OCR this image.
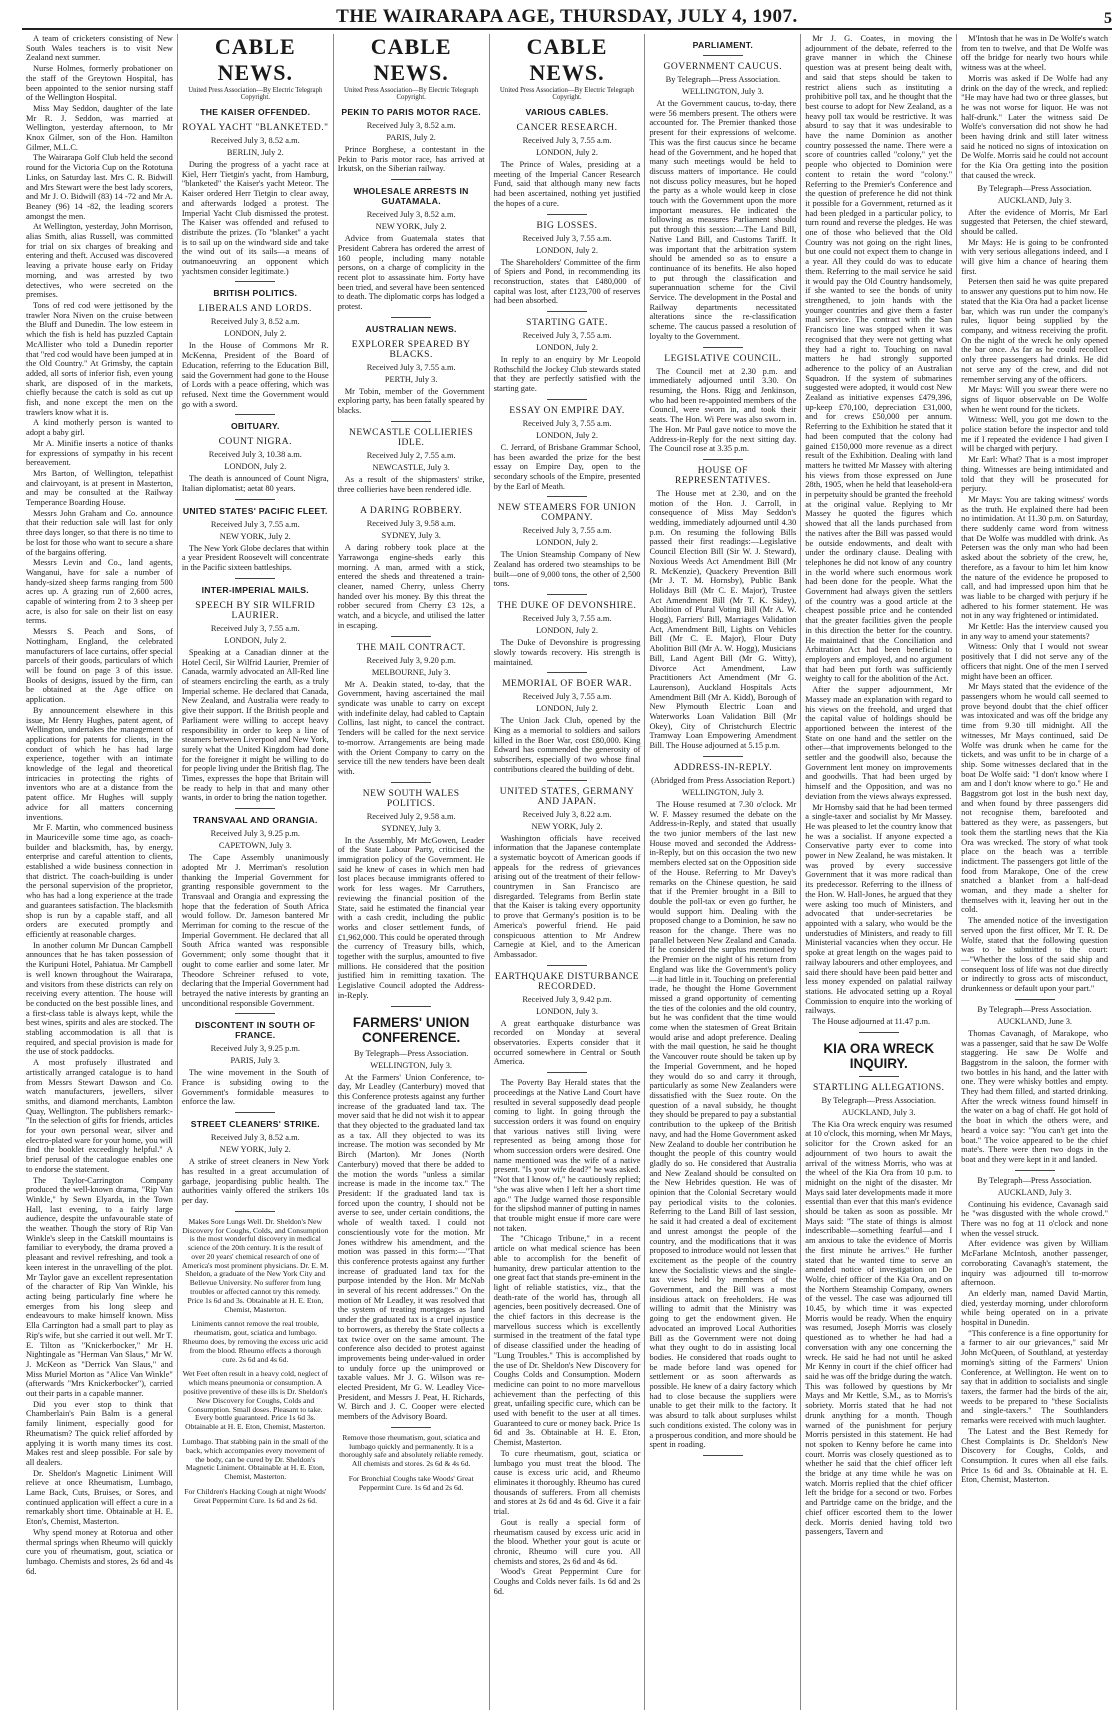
THE WAIRARAPA AGE, THURSDAY, JULY 4, 1907.	5

A team of cricketers consisting of New South Wales teachers is to visit New Zealand next summer.

Nurse Holmes, formerly probationer on the staff of the Greytown Hospital, has been appointed to the senior nursing staff of the Wellington Hospital.

Miss May Seddon, daughter of the late Mr R. J. Seddon, was married at Wellington, yesterday afternoon, to Mr Knox Gilmer, son of the Hon. Hamilton Gilmer, M.L.C.

The Wairarapa Golf Club held the second round for the Victoria Cup on the Rototuna Links, on Saturday last. Mrs C. R. Bidwill and Mrs Stewart were the best lady scorers, and Mr J. O. Bidwill (83) 14 -72 and Mr A. Beaney (96) 14 -82, the leading scorers amongst the men.

At Wellington, yesterday, John Morrison, alias Smith, alias Russell, was committed for trial on six charges of breaking and entering and theft. Accused was discovered leaving a private house early on Friday morning, and was arrested by two detectives, who were secreted on the premises.

Tons of red cod were jettisoned by the trawler Nora Niven on the cruise between the Bluff and Dunedin. The low esteem in which the fish is held has puzzled Captain McAllister who told a Dunedin reporter that "red cod would have been jumped at in the Old Country." At Grimsby, the captain added, all sorts of inferior fish, even young shark, are disposed of in the markets, chiefly because the catch is sold as cut up fish, and none except the men on the trawlers know what it is.

A kind motherly person is wanted to adopt a baby girl.

Mr A. Minifie inserts a notice of thanks for expressions of sympathy in his recent bereavement.

Mrs Barton, of Wellington, telepathist and clairvoyant, is at present in Masterton, and may be consulted at the Railway Temperance Boarding House.

Messrs John Graham and Co. announce that their reduction sale will last for only three days longer, so that there is no time to be lost for those who want to secure a share of the bargains offering.

Messrs Levin and Co., land agents, Wanganui, have for sale a number of handy-sized sheep farms ranging from 500 acres up. A grazing run of 2,600 acres, capable of wintering from 2 to 3 sheep per acre, is also for sale on their list on easy terms.

Messrs S. Peach and Sons, of Nottingham, England, the celebrated manufacturers of lace curtains, offer special parcels of their goods, particulars of which will be found on page 3 of this issue. Books of designs, issued by the firm, can be obtained at the Age office on application.

By announcement elsewhere in this issue, Mr Henry Hughes, patent agent, of Wellington, undertakes the management of applications for patents for clients, in the conduct of which he has had large experience, together with an intimate knowledge of the legal and theoretical intricacies in protecting the rights of inventors who are at a distance from the patent office. Mr Hughes will supply advice for all matters concerning inventions.

Mr F. Martin, who commenced business in Mauriceville some time ago, as coach-builder and blacksmith, has, by energy, enterprise and careful attention to clients, established a wide business connection in that district. The coach-building is under the personal supervision of the proprietor, who has had a long experience at the trade and guarantees satisfaction. The blacksmith shop is run by a capable staff, and all orders are executed promptly and efficiently at reasonable charges.

In another column Mr Duncan Campbell announces that he has taken possession of the Kuripuni Hotel, Pahiatua. Mr Campbell is well known throughout the Wairarapa, and visitors from these districts can rely on receiving every attention. The house will be conducted on the best possible lines, and a first-class table is always kept, while the best wines, spirits and ales are stocked. The stabling accommodation is all that is required, and special provision is made for the use of stock paddocks.

A most profusely illustrated and artistically arranged catalogue is to hand from Messrs Stewart Dawson and Co. watch manufacturers, jewellers, silver smiths, and diamond merchants, Lambton Quay, Wellington. The publishers remark:- "In the selection of gifts for friends, articles for your own personal wear, silver and electro-plated ware for your home, you will find the booklet exceedingly helpful." A brief perusal of the catalogue enables one to endorse the statement.

The Taylor-Carrington Company produced the well-known drama, "Rip Van Winkle," by Sewn Elyarda, in the Town Hall, last evening, to a fairly large audience, despite the unfavourable state of the weather. Though the story of Rip Van Winkle's sleep in the Catskill mountains is familiar to everybody, the drama proved a pleasant and revivel refreshing, and took a keen interest in the unravelling of the plot. Mr Taylor gave an excellent representation of the character of Rip Van Winkle, his acting being particularly fine where he emerges from his long sleep and endeavours to make himself known. Miss Ella Carrington had a small part to play as Rip's wife, but she carried it out well. Mr T. E. Tilton as "Knickerbocker," Mr H. Nightingale as "Herman Van Slaus," Mr W. J. McKeon as "Derrick Van Slaus," and Miss Muriel Morton as "Alice Van Winkle" (afterwards "Mrs Knickerbocker"), carried out their parts in a capable manner.

Did you ever stop to think that Chamberlain's Pain Balm is a general family liniment, especially good for Rheumatism? The quick relief afforded by applying it is worth many times its cost. Makes rest and sleep possible. For sale by all dealers.

Dr. Sheldon's Magnetic Liniment Will relieve at once Rheumatism, Lumbago, Lame Back, Cuts, Bruises, or Sores, and continued application will effect a cure in a remarkably short time. Obtainable at H. E. Eton's, Chemist, Masterton.

Why spend money at Rotorua and other thermal springs when Rheumo will quickly cure you of rheumatism, gout, sciatica or lumbago. Chemists and stores, 2s 6d and 4s 6d.

CABLE NEWS.
United Press Association—By Electric Telegraph Copyright.
THE KAISER OFFENDED.
ROYAL YACHT "BLANKETED."
Received July 3, 8.52 a.m.
BERLIN, July 2.

During the progress of a yacht race at Kiel, Herr Tietgin's yacht, from Hamburg, "blanketed" the Kaiser's yacht Meteor. The Kaiser ordered Herr Tietgin to clear away, and afterwards lodged a protest. The Imperial Yacht Club dismissed the protest. The Kaiser was offended and refused to distribute the prizes. (To "blanket" a yacht is to sail up on the windward side and take the wind out of its sails—a means of outmanoeuvring an opponent which yachtsmen consider legitimate.)

BRITISH POLITICS.
LIBERALS AND LORDS.
Received July 3, 8.52 a.m.
LONDON, July 2.

In the House of Commons Mr R. McKenna, President of the Board of Education, referring to the Education Bill, said the Government had gone to the House of Lords with a peace offering, which was refused. Next time the Government would go with a sword.

OBITUARY.
COUNT NIGRA.
Received July 3, 10.38 a.m.
LONDON, July 2.

The death is announced of Count Nigra, Italian diplomatist; aetat 80 years.

UNITED STATES' PACIFIC FLEET.
Received July 3, 7.55 a.m.
NEW YORK, July 2.

The New York Globe declares that within a year President Roosevelt will concentrate in the Pacific sixteen battleships.

INTER-IMPERIAL MAILS.
SPEECH BY SIR WILFRID LAURIER.
Received July 3, 7.55 a.m.
LONDON, July 2.

Speaking at a Canadian dinner at the Hotel Cecil, Sir Wilfrid Laurier, Premier of Canada, warmly advocated an All-Red line of steamers encircling the earth, as a truly Imperial scheme. He declared that Canada, New Zealand, and Australia were ready to give their support. If the British people and Parliament were willing to accept heavy responsibility in order to keep a line of steamers between Liverpool and New York, surely what the United Kingdom had done for the foreigner it might be willing to do for people living under the British flag. The Times, expresses the hope that Britain will be ready to help in that and many other wants, in order to bring the nation together.

TRANSVAAL AND ORANGIA.
Received July 3, 9.25 p.m.
CAPETOWN, July 3.

The Cape Assembly unanimously adopted Mr J. Merriman's resolution thanking the Imperial Government for granting responsible government to the Transvaal and Orangia and expressing the hope that the federation of South Africa would follow. Dr. Jameson bantered Mr Merriman for coming to the rescue of the Imperial Government. He declared that all South Africa wanted was responsible Government; only some thought that it ought to come earlier and some later. Mr Theodore Schreiner refused to vote, declaring that the Imperial Government had betrayed the native interests by granting an unconditional responsible Government.

DISCONTENT IN SOUTH OF FRANCE.
Received July 3, 9.25 p.m.
PARIS, July 3.

The wine movement in the South of France is subsiding owing to the Government's formidable measures to enforce the law.

STREET CLEANERS' STRIKE.
Received July 3, 8.52 a.m.
NEW YORK, July 2.

A strike of street cleaners in New York has resulted in a great accumulation of garbage, jeopardising public health. The authorities vainly offered the strikers 10s per day.

Makes Sore Lungs Well. Dr. Sheldon's New Discovery for Coughs, Colds, and Consumption is the most wonderful discovery in medical science of the 20th century. It is the result of over 20 years' chemical research of one of America's most prominent physicians. Dr. E. M. Sheldon, a graduate of the New York City and Bellevue University. No sufferer from lung troubles or affected cannot try this remedy. Price 1s 6d and 3s. Obtainable at H. E. Eton, Chemist, Masterton.
Liniments cannot remove the real trouble, rheumatism, gout, sciatica and lumbago. Rheumo does, by removing the excess uric acid from the blood. Rheumo effects a thorough cure. 2s 6d and 4s 6d.
Wet Feet often result in a heavy cold, neglect of which means pneumonia or consumption. A positive preventive of these ills is Dr. Sheldon's New Discovery for Coughs, Colds and Consumption. Small doses. Pleasant to take. Every bottle guaranteed. Price 1s 6d 3s. Obtainable at H. E. Eton, Chemist, Masterton.
Lumbago. That stabbing pain in the small of the back, which accompanies every movement of the body, can be cured by Dr. Sheldon's Magnetic Liniment. Obtainable at H. E. Eton, Chemist, Masterton.
For Children's Hacking Cough at night Woods' Great Peppermint Cure. 1s 6d and 2s 6d.
CABLE NEWS.
United Press Association—By Electric Telegraph Copyright.
PEKIN TO PARIS MOTOR RACE.
Received July 3, 8.52 a.m.
PARIS, July 2.

Prince Borghese, a contestant in the Pekin to Paris motor race, has arrived at Irkutsk, on the Siberian railway.

WHOLESALE ARRESTS IN GUATAMALA.
Received July 3, 8.52 a.m.
NEW YORK, July 2.

Advice from Guatemala states that President Cabrera has ordered the arrest of 160 people, including many notable persons, on a charge of complicity in the recent plot to assassinate him. Forty have been tried, and several have been sentenced to death. The diplomatic corps has lodged a protest.

AUSTRALIAN NEWS.
EXPLORER SPEARED BY BLACKS.
Received July 3, 7.55 a.m.
PERTH, July 3.

Mr Tobin, member of the Government exploring party, has been fatally speared by blacks.

NEWCASTLE COLLIERIES IDLE.
Received July 2, 7.55 a.m.
NEWCASTLE, July 3.

As a result of the shipmasters' strike, three collieries have been rendered idle.

A DARING ROBBERY.
Received July 3, 9.58 a.m.
SYDNEY, July 3.

A daring robbery took place at the Yarrawonga engine-sheds early this morning. A man, armed with a stick, entered the sheds and threatened a train-cleaner, named Cherry, unless Cherry handed over his money. By this threat the robber secured from Cherry £3 12s, a watch, and a bicycle, and utilised the latter in escaping.

THE MAIL CONTRACT.
Received July 3, 9.20 p.m.
MELBOURNE, July 3.

Mr A. Deakin stated, to-day, that the Government, having ascertained the mail syndicate was unable to carry on except with indefinite delay, had cabled to Captain Collins, last night, to cancel the contract. Tenders will be called for the next service to-morrow. Arrangements are being made with the Orient Company to carry on the service till the new tenders have been dealt with.

NEW SOUTH WALES POLITICS.
Received July 2, 9.58 a.m.
SYDNEY, July 3.

In the Assembly, Mr McGowen, Leader of the State Labour Party, criticised the immigration policy of the Government. He said he knew of cases in which men had lost places because immigrants offered to work for less wages. Mr Carruthers, reviewing the financial position of the State, said he estimated the financial year with a cash credit, including the public works and closer settlement funds, of £1,962,000. This could be operated through the currency of Treasury bills, which, together with the surplus, amounted to five millions. He considered that the position justified him in remitting taxation. The Legislative Council adopted the Address-in-Reply.

FARMERS' UNION CONFERENCE.
By Telegraph—Press Association.
WELLINGTON, July 3.

At the Farmers' Union Conference, to-day, Mr Leadley (Canterbury) moved that this Conference protests against any further increase of the graduated land tax. The mover said that he did not wish it to appear that they objected to the graduated land tax as a tax. All they objected to was its increase. The motion was seconded by Mr Birch (Marton). Mr Jones (North Canterbury) moved that there be added to the motion the words "unless a similar increase is made in the income tax." The President: If the graduated land tax is forced upon the country, I should not be averse to see, under certain conditions, the whole of wealth taxed. I could not conscientiously vote for the motion. Mr Jones withdrew his amendment, and the motion was passed in this form:—"That this conference protests against any further increase of graduated land tax for the purpose intended by the Hon. Mr McNab in several of his recent addresses." On the motion of Mr Leadley, it was resolved that the system of treating mortgages as land under the graduated tax is a cruel injustice to borrowers, as thereby the State collects a tax twice over on the same amount. The conference also decided to protest against improvements being under-valued in order to unduly force up the unimproved or taxable values. Mr J. G. Wilson was re-elected President, Mr G. W. Leadley Vice-President, and Messrs J. Peat, H. Richards, W. Birch and J. C. Cooper were elected members of the Advisory Board.

Remove those rheumatism, gout, sciatica and lumbago quickly and permanently. It is a thoroughly safe and absolutely reliable remedy. All chemists and stores. 2s 6d & 4s 6d.
For Bronchial Coughs take Woods' Great Peppermint Cure. 1s 6d and 2s 6d.
CABLE NEWS.
United Press Association—By Electric Telegraph Copyright.
VARIOUS CABLES.
CANCER RESEARCH.
Received July 3, 7.55 a.m.
LONDON, July 2.

The Prince of Wales, presiding at a meeting of the Imperial Cancer Research Fund, said that although many new facts had been ascertained, nothing yet justified the hopes of a cure.

BIG LOSSES.
Received July 3, 7.55 a.m.
LONDON, July 2.

The Shareholders' Committee of the firm of Spiers and Pond, in recommending its reconstruction, states that £480,000 of capital was lost, after £123,700 of reserves had been absorbed.

STARTING GATE.
Received July 3, 7.55 a.m.
LONDON, July 2.

In reply to an enquiry by Mr Leopold Rothschild the Jockey Club stewards stated that they are perfectly satisfied with the starting gate.

ESSAY ON EMPIRE DAY.
Received July 3, 7.55 a.m.
LONDON, July 2.

C. Jerrard, of Brisbane Grammar School, has been awarded the prize for the best essay on Empire Day, open to the secondary schools of the Empire, presented by the Earl of Meath.

NEW STEAMERS FOR UNION COMPANY.
Received July 3, 7.55 a.m.
LONDON, July 2.

The Union Steamship Company of New Zealand has ordered two steamships to be built—one of 9,000 tons, the other of 2,500 tons.

THE DUKE OF DEVONSHIRE.
Received July 3, 7.55 a.m.
LONDON, July 2.

The Duke of Devonshire is progressing slowly towards recovery. His strength is maintained.

MEMORIAL OF BOER WAR.
Received July 3, 7.55 a.m.
LONDON, July 2.

The Union Jack Club, opened by the King as a memorial to soldiers and sailors killed in the Boer War, cost £80,000. King Edward has commended the generosity of subscribers, especially of two whose final contributions cleared the building of debt.

UNITED STATES, GERMANY AND JAPAN.
Received July 3, 8.22 a.m.
NEW YORK, July 2.

Washington officials have received information that the Japanese contemplate a systematic boycott of American goods if appeals for the redress of grievances arising out of the treatment of their fellow-countrymen in San Francisco are disregarded. Telegrams from Berlin state that the Kaiser is taking every opportunity to prove that Germany's position is to be America's powerful friend. He paid conspicuous attention to Mr Andrew Carnegie at Kiel, and to the American Ambassador.

EARTHQUAKE DISTURBANCE RECORDED.
Received July 3, 9.42 p.m.
LONDON, July 3.

A great earthquake disturbance was recorded on Monday at several observatories. Experts consider that it occurred somewhere in Central or South America.

The Poverty Bay Herald states that the proceedings at the Native Land Court have resulted in several supposedly dead people coming to light. In going through the succession orders it was found on enquiry that various natives still living were represented as being among those for whom succession orders were desired. One name mentioned was the wife of a native present. "Is your wife dead?" he was asked. "Not that I know of," he cautiously replied; "she was alive when I left her a short time ago." The Judge warned those responsible for the slipshod manner of putting in names that trouble might ensue if more care were not taken.

The "Chicago Tribune," in a recent article on what medical science has been able to accomplish for the benefit of humanity, drew particular attention to the one great fact that stands pre-eminent in the light of reliable statistics, viz., that the death-rate of the world has, through all agencies, been positively decreased. One of the chief factors in this decrease is the marvellous success which is excellently surmised in the treatment of the fatal type of disease classified under the heading of "Lung Troubles." This is accomplished by the use of Dr. Sheldon's New Discovery for Coughs Colds and Consumption. Modern medicine can point to no more marvellous achievement than the perfecting of this great, unfailing specific cure, which can be used with benefit to the user at all times. Guaranteed to cure or money back. Price 1s 6d and 3s. Obtainable at H. E. Eton, Chemist, Masterton.

To cure rheumatism, gout, sciatica or lumbago you must treat the blood. The cause is excess uric acid, and Rheumo eliminates it thoroughly. Rheumo has cured thousands of sufferers. From all chemists and stores at 2s 6d and 4s 6d. Give it a fair trial.

Gout is really a special form of rheumatism caused by excess uric acid in the blood. Whether your gout is acute or chronic, Rheumo will cure you. All chemists and stores, 2s 6d and 4s 6d.

Wood's Great Peppermint Cure for Coughs and Colds never fails. 1s 6d and 2s 6d.

PARLIAMENT.
GOVERNMENT CAUCUS.
By Telegraph—Press Association.
WELLINGTON, July 3.

At the Government caucus, to-day, there were 56 members present. The others were accounted for. The Premier thanked those present for their expressions of welcome. This was the first caucus since he became head of the Government, and he hoped that many such meetings would be held to discuss matters of importance. He could not discuss policy measures, but he hoped the party as a whole would keep in close touch with the Government upon the more important measures. He indicated the following as measures Parliament should put through this session:—The Land Bill, Native Land Bill, and Customs Tariff. It was important that the arbitration system should be amended so as to ensure a continuance of its benefits. He also hoped to put through the classification and superannuation scheme for the Civil Service. The development in the Postal and Railway departments necessitated alterations since the re-classification scheme. The caucus passed a resolution of loyalty to the Government.

LEGISLATIVE COUNCIL.

The Council met at 2.30 p.m. and immediately adjourned until 3.30. On resuming, the Hons. Rigg and Jenkinson, who had been re-appointed members of the Council, were sworn in, and took their seats. The Hon. Wi Pere was also sworn in. The Hon. Mr Paul gave notice to move the Address-in-Reply for the next sitting day. The Council rose at 3.35 p.m.

HOUSE OF REPRESENTATIVES.

The House met at 2.30, and on the motion of the Hon. J. Carroll, in consequence of Miss May Seddon's wedding, immediately adjourned until 4.30 p.m. On resuming the following Bills passed their first readings:—Legislative Council Election Bill (Sir W. J. Steward), Noxious Weeds Act Amendment Bill (Mr R. McKenzie), Quackery Prevention Bill (Mr J. T. M. Hornsby), Public Bank Holidays Bill (Mr C. E. Major), Trustee Act Amendment Bill (Mr T. K. Sidey), Abolition of Plural Voting Bill (Mr A. W. Hogg), Farriers' Bill, Marriages Validation Act, Amendment Bill, Lights on Vehicles Bill (Mr C. E. Major), Flour Duty Abolition Bill (Mr A. W. Hogg), Musicians Bill, Land Agent Bill (Mr G. Witty), Divorce Act Amendment, Law Practitioners Act Amendment (Mr G. Laurenson), Auckland Hospitals Acts Amendment Bill (Mr A. Kidd), Borough of New Plymouth Electric Loan and Waterworks Loan Validation Bill (Mr Okey), City of Christchurch Electric Tramway Loan Empowering Amendment Bill. The House adjourned at 5.15 p.m.

ADDRESS-IN-REPLY.
(Abridged from Press Association Report.)
WELLINGTON, July 3.

The House resumed at 7.30 o'clock. Mr W. F. Massey resumed the debate on the Address-in-Reply, and stated that usually the two junior members of the last new House moved and seconded the Address-in-Reply, but on this occasion the two new members elected sat on the Opposition side of the House. Referring to Mr Davey's remarks on the Chinese question, he said that if the Premier brought in a Bill to double the poll-tax or even go further, he would support him. Dealing with the proposed change to a Dominion, he saw no reason for the change. There was no parallel between New Zealand and Canada. If he considered the surplus mentioned by the Premier on the night of his return from England was like the Government's policy—it had little in it. Touching on preferential trade, he thought the Home Government missed a grand opportunity of cementing the ties of the colonies and the old country, but he was confident that the time would come when the statesmen of Great Britain would arise and adopt preference. Dealing with the mail question, he said he thought the Vancouver route should be taken up by the Imperial Government, and he hoped they would do so and carry it through, particularly as some New Zealanders were dissatisfied with the Suez route. On the question of a naval subsidy, he thought they should be prepared to pay a substantial contribution to the upkeep of the British navy, and had the Home Government asked New Zealand to double her contribution he thought the people of this country would gladly do so. He considered that Australia and New Zealand should be consulted on the New Hebrides question. He was of opinion that the Colonial Secretary would pay periodical visits to the colonies. Referring to the Land Bill of last session, he said it had created a deal of excitement and unrest amongst the people of the country, and the modifications that it was proposed to introduce would not lessen that excitement as the people of the country knew the Socialistic views and the single-tax views held by members of the Government, and the Bill was a most insidious attack on freeholders. He was willing to admit that the Ministry was going to get the endowment given. He advocated an improved Local Authorities Bill as the Government were not doing what they ought to do in assisting local bodies. He considered that roads ought to be made before land was opened for settlement or as soon afterwards as possible. He knew of a dairy factory which had to close because the suppliers were unable to get their milk to the factory. It was absurd to talk about surpluses whilst such conditions existed. The colony was in a prosperous condition, and more should be spent in roading.

Mr J. G. Coates, in moving the adjournment of the debate, referred to the grave manner in which the Chinese question was at present being dealt with, and said that steps should be taken to restrict aliens such as instituting a prohibitive poll tax, and he thought that the best course to adopt for New Zealand, as a heavy poll tax would be restrictive. It was absurd to say that it was undesirable to have the name Dominion as another country possessed the name. There were a score of countries called "colony," yet the people who objected to Dominion were content to retain the word "colony." Referring to the Premier's Conference and the question of preference he did not think it possible for a Government, returned as it had been pledged in a particular policy, to turn round and reverse the pledges. He was one of those who believed that the Old Country was not going on the right lines, but one could not expect them to change in a year. All they could do was to educate them. Referring to the mail service he said it would pay the Old Country handsomely, if she wanted to see the bonds of unity strengthened, to join hands with the younger countries and give them a faster mail service. The contract with the San Francisco line was stopped when it was recognised that they were not getting what they had a right to. Touching on naval matters he had strongly supported adherence to the policy of an Australian Squadron. If the system of submarines suggested were adopted, it would cost New Zealand as initiative expenses £479,396, up-keep £70,100, depreciation £31,000, and for crews £50,000 per annum. Referring to the Exhibition he stated that it had been computed that the colony had gained £150,000 more revenue as a direct result of the Exhibition. Dealing with land matters he twitted Mr Massey with altering his views from those expressed on June 28th, 1905, when he held that leasehold-era in perpetuity should be granted the freehold at the original value. Replying to Mr Massey he quoted the figures which showed that all the lands purchased from the natives after the Bill was passed would be outside endowments, and dealt with under the ordinary clause. Dealing with telephones he did not know of any country in the world where such enormous work had been done for the people. What the Government had always given the settlers of the country was a good article at the cheapest possible price and he contended that the greater facilities given the people in this direction the better for the country. He maintained that the Conciliation and Arbitration Act had been beneficial to employers and employed, and no argument that had been put forth was sufficiently weighty to call for the abolition of the Act.

After the supper adjournment, Mr Massey made an explanation with regard to his views on the freehold, and urged that the capital value of holdings should be apportioned between the interest of the State on one hand and the settler on the other—that improvements belonged to the settler and the goodwill also, because the Government lent money on improvements and goodwills. That had been urged by himself and the Opposition, and was no deviation from the views always expressed.

Mr Hornsby said that he had been termed a single-taxer and socialist by Mr Massey. He was pleased to let the country know that he was a socialist. If anyone expected a Conservative party ever to come into power in New Zealand, he was mistaken. It was proved by every successive Government that it was more radical than its predecessor. Referring to the illness of the Hon. W. Hall-Jones, he argued that they were asking too much of Ministers, and advocated that under-secretaries be appointed with a salary, who would be the understudies of Ministers, and ready to fill Ministerial vacancies when they occur. He spoke at great length on the wages paid to railway labourers and other employees, and said there should have been paid better and less money expended on palatial railway stations. He advocated setting up a Royal Commission to enquire into the working of railways.

The House adjourned at 11.47 p.m.

KIA ORA WRECK INQUIRY.
STARTLING ALLEGATIONS.
By Telegraph—Press Association.
AUCKLAND, July 3.

The Kia Ora wreck enquiry was resumed at 10 o'clock, this morning, when Mr Mays, solicitor for the Crown asked for an adjournment of two hours to await the arrival of the witness Morris, who was at the wheel of the Kia Ora from 10 p.m. to midnight on the night of the disaster. Mr Mays said later developments made it more essential than ever that this man's evidence should be taken as soon as possible. Mr Mays said: "The state of things is almost indescribable—something fearful—and I am anxious to take the evidence of Morris the first minute he arrives." He further stated that he wanted time to serve an amended notice of investigation on De Wolfe, chief officer of the Kia Ora, and on the Northern Steamship Company, owners of the vessel. The case was adjourned till 10.45, by which time it was expected Morris would be ready. When the enquiry was resumed, Joseph Morris was closely questioned as to whether he had had a conversation with any one concerning the wreck. He said he had not until he asked Mr Kenny in court if the chief officer had said he was off the bridge during the watch. This was followed by questions by Mr Mays and Mr Kettle, S.M., as to Morris's sobriety. Morris stated that he had not drunk anything for a month. Though warned of the punishment for perjury Morris persisted in this statement. He had not spoken to Kenny before he came into court. Morris was closely questioned as to whether he said that the chief officer left the bridge at any time while he was on watch. Morris replied that the chief officer left the bridge for a second or two. Forbes and Partridge came on the bridge, and the chief officer escorted them to the lower deck. Morris denied having told two passengers, Tavern and

M'Intosh that he was in De Wolfe's watch from ten to twelve, and that De Wolfe was off the bridge for nearly two hours while witness was at the wheel.

Morris was asked if De Wolfe had any drink on the day of the wreck, and replied: "He may have had two or three glasses, but he was not worse for liquor. He was not half-drunk." Later the witness said De Wolfe's conversation did not show he had been having drink and still later witness said he noticed no signs of intoxication on De Wolfe. Morris said he could not account for the Kia Ora getting into the position that caused the wreck.

By Telegraph—Press Association.
AUCKLAND, July 3.

After the evidence of Morris, Mr Earl suggested that Petersen, the chief steward, should be called.

Mr Mays: He is going to be confronted with very serious allegations indeed, and I will give him a chance of hearing them first.

Petersen then said he was quite prepared to answer any questions put to him now. He stated that the Kia Ora had a packet license bar, which was run under the company's rules, liquor being supplied by the company, and witness receiving the profit. On the night of the wreck he only opened the bar once. As far as he could recollect only three passengers had drinks. He did not serve any of the crew, and did not remember serving any of the officers.

Mr Mays: Will you swear there were no signs of liquor observable on De Wolfe when he went round for the tickets.

Witness: Well, you got me down to the police station before the inspector and told me if I repeated the evidence I had given I will be charged with perjury.

Mr Earl: What? That is a most improper thing. Witnesses are being intimidated and told that they will be prosecuted for perjury.

Mr Mays: You are taking witness' words as the truth. He explained there had been no intimidation. At 11.30 p.m. on Saturday, there suddenly came word from witness that De Wolfe was muddled with drink. As Petersen was the only man who had been asked about the sobriety of the crew, he, therefore, as a favour to him let him know the nature of the evidence he proposed to call, and had impressed upon him that he was liable to be charged with perjury if he adhered to his former statement. He was not in any way frightened or intimidated.

Mr Kettle: Has the interview caused you in any way to amend your statements?

Witness: Only that I would not swear positively that I did not serve any of the officers that night. One of the men I served might have been an officer.

Mr Mays stated that the evidence of the passengers whom he would call seemed to prove beyond doubt that the chief officer was intoxicated and was off the bridge any time from 9.30 till midnight. All the witnesses, Mr Mays continued, said De Wolfe was drunk when he came for the tickets, and was unfit to be in charge of a ship. Some witnesses declared that in the boat De Wolfe said: "I don't know where I am and I don't know where to go." He and Baggstrom got lost in the bush next day, and when found by three passengers did not recognise them, barefooted and battered as they were, as passengers, but took them the startling news that the Kia Ora was wrecked. The story of what took place on the beach was a terrible indictment. The passengers got little of the food from Marakope, One of the crew snatched a blanket from a half-dead woman, and they made a shelter for themselves with it, leaving her out in the cold.

The amended notice of the investigation served upon the first officer, Mr T. R. De Wolfe, stated that the following question was to be submitted to the court:—"Whether the loss of the said ship and consequent loss of life was not due directly or indirectly to gross acts of misconduct, drunkenness or default upon your part."

By Telegraph—Press Association.
AUCKLAND, June 3.

Thomas Cavanagh, of Marakope, who was a passenger, said that he saw De Wolfe staggering. He saw De Wolfe and Baggstrom in the saloon, the former with two bottles in his hand, and the latter with one. They were whisky bottles and empty. They had them filled, and started drinking. After the wreck witness found himself in the water on a bag of chaff. He got hold of the boat in which the others were, and heard a voice say: "You can't get into the boat." The voice appeared to be the chief mate's. There were then two dogs in the boat and they were kept in it and landed.

By Telegraph—Press Association.
AUCKLAND, July 3.

Continuing his evidence, Cavanagh said he "was disgusted with the whole crowd." There was no fog at 11 o'clock and none when the vessel struck.

After evidence was given by William McFarlane McIntosh, another passenger, corroborating Cavanagh's statement, the inquiry was adjourned till to-morrow afternoon.

An elderly man, named David Martin, died, yesterday morning, under chloroform while being operated on in a private hospital in Dunedin.

"This conference is a fine opportunity for a farmer to air our grievances," said Mr John McQueen, of Southland, at yesterday morning's sitting of the Farmers' Union Conference, at Wellington. He went on to say that in addition to socialists and single taxers, the farmer had the birds of the air, weeds to be prepared to "these Socialists and single-taxers." The Southlanders remarks were received with much laughter.

The Latest and the Best Remedy for Chest Complaints is Dr. Sheldon's New Discovery for Coughs, Colds, and Consumption. It cures when all else fails. Price 1s 6d and 3s. Obtainable at H. E. Eton, Chemist, Masterton.
